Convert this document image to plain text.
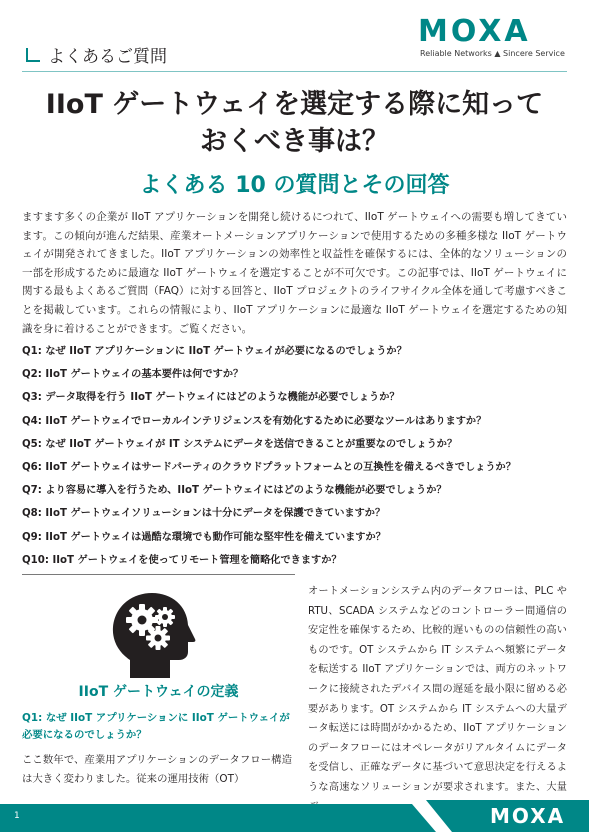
よくあるご質問
MOXA
Reliable Networks ▲ Sincere Service
IIoT ゲートウェイを選定する際に知って
おくべき事は？
よくある 10 の質問とその回答
ますます多くの企業が IIoT アプリケーションを開発し続けるにつれて、IIoT ゲートウェイへの需要も増してきています。この傾向が進んだ結果、産業オートメーションアプリケーションで使用するための多種多様な IIoT ゲートウェイが開発されてきました。IIoT アプリケーションの効率性と収益性を確保するには、全体的なソリューションの一部を形成するために最適な IIoT ゲートウェイを選定することが不可欠です。この記事では、IIoT ゲートウェイに関する最もよくあるご質問（FAQ）に対する回答と、IIoT プロジェクトのライフサイクル全体を通して考慮すべきことを掲載しています。これらの情報により、IIoT アプリケーションに最適な IIoT ゲートウェイを選定するための知識を身に着けることができます。ご覧ください。
Q1: なぜ IIoT アプリケーションに IIoT ゲートウェイが必要になるのでしょうか？
Q2: IIoT ゲートウェイの基本要件は何ですか？
Q3: データ取得を行う IIoT ゲートウェイにはどのような機能が必要でしょうか？
Q4: IIoT ゲートウェイでローカルインテリジェンスを有効化するために必要なツールはありますか？
Q5: なぜ IIoT ゲートウェイが IT システムにデータを送信できることが重要なのでしょうか？
Q6: IIoT ゲートウェイはサードパーティのクラウドプラットフォームとの互換性を備えるべきでしょうか？
Q7: より容易に導入を行うため、IIoT ゲートウェイにはどのような機能が必要でしょうか？
Q8: IIoT ゲートウェイソリューションは十分にデータを保護できていますか？
Q9: IIoT ゲートウェイは過酷な環境でも動作可能な堅牢性を備えていますか？
Q10: IIoT ゲートウェイを使ってリモート管理を簡略化できますか？
IIoT ゲートウェイの定義
Q1: なぜ IIoT アプリケーションに IIoT ゲートウェイが必要になるのでしょうか？
ここ数年で、産業用アプリケーションのデータフロー構造は大きく変わりました。従来の運用技術（OT）
オートメーションシステム内のデータフローは、PLC や RTU、SCADA システムなどのコントローラー間通信の安定性を確保するため、比較的遅いものの信頼性の高いものです。OT システムから IT システムへ頻繁にデータを転送する IIoT アプリケーションでは、両方のネットワークに接続されたデバイス間の遅延を最小限に留める必要があります。OT システムから IT システムへの大量データ転送には時間がかかるため、IIoT アプリケーションのデータフローにはオペレータがリアルタイムにデータを受信し、正確なデータに基づいて意思決定を行えるような高速なソリューションが要求されます。また、大量
1	MOXA
